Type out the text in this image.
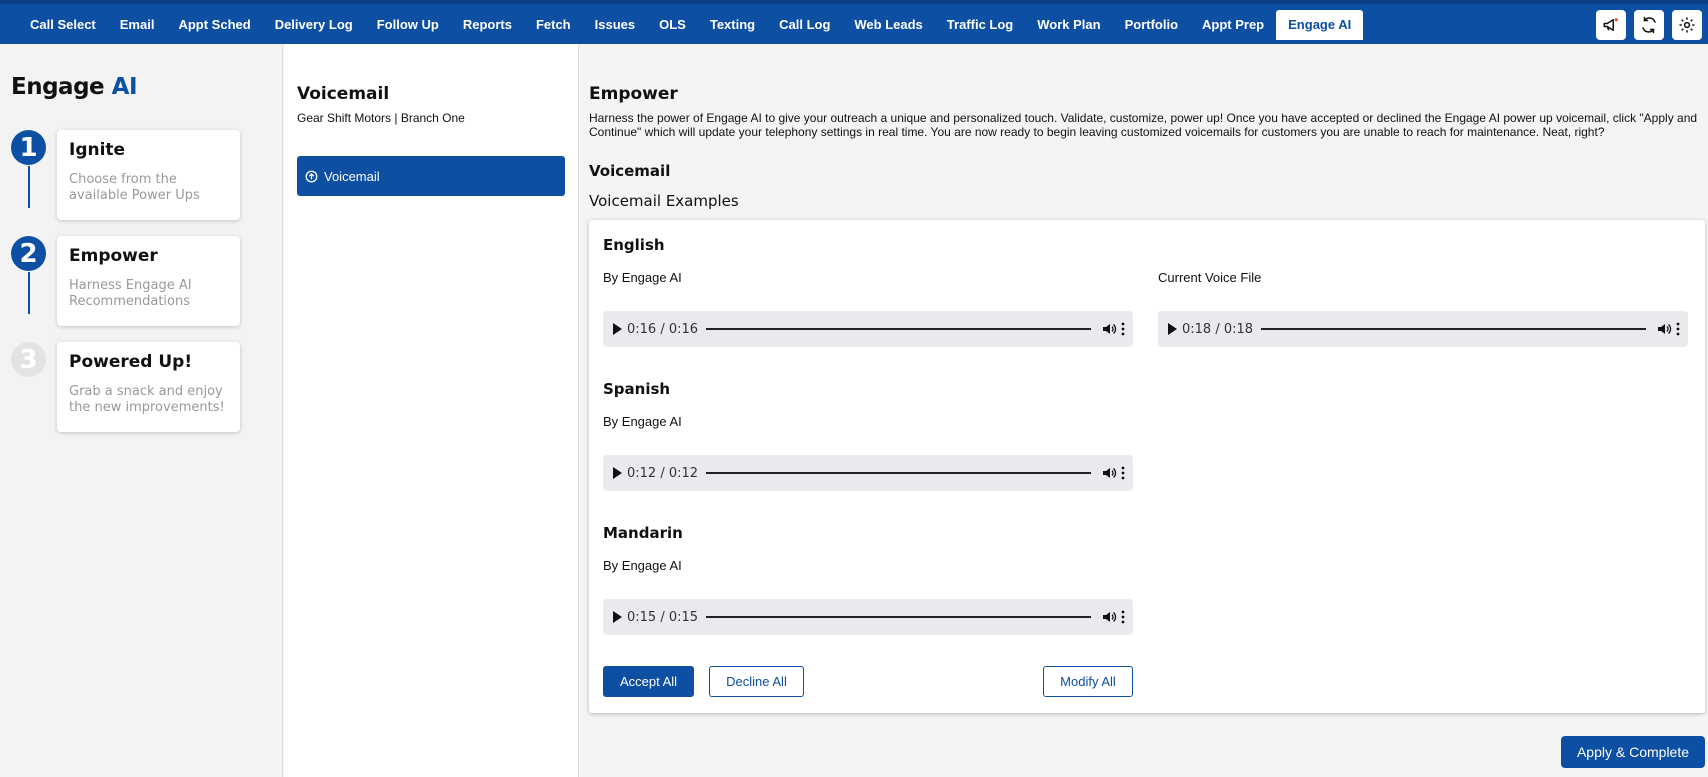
Call Select	Email	Appt Sched	Delivery Log	Follow Up	Reports	Fetch	Issues	OLS	Texting	Call Log	Web Leads	Traffic Log	Work Plan	Portfolio	Appt Prep	Engage AI
Engage AI
1	Ignite
Choose from the available Power Ups
2	Empower
Harness Engage AI Recommendations
3	Powered Up!
Grab a snack and enjoy the new improvements!
Voicemail
Gear Shift Motors | Branch One
Voicemail
Empower
Harness the power of Engage AI to give your outreach a unique and personalized touch. Validate, customize, power up! Once you have accepted or declined the Engage AI power up voicemail, click "Apply and Continue" which will update your telephony settings in real time. You are now ready to begin leaving customized voicemails for customers you are unable to reach for maintenance. Neat, right?
Voicemail
Voicemail Examples
English
By Engage AI
0:16 / 0:16
Current Voice File
0:18 / 0:18
Spanish
By Engage AI
0:12 / 0:12
Mandarin
By Engage AI
0:15 / 0:15
Accept All	Decline All	Modify All
Apply & Complete
